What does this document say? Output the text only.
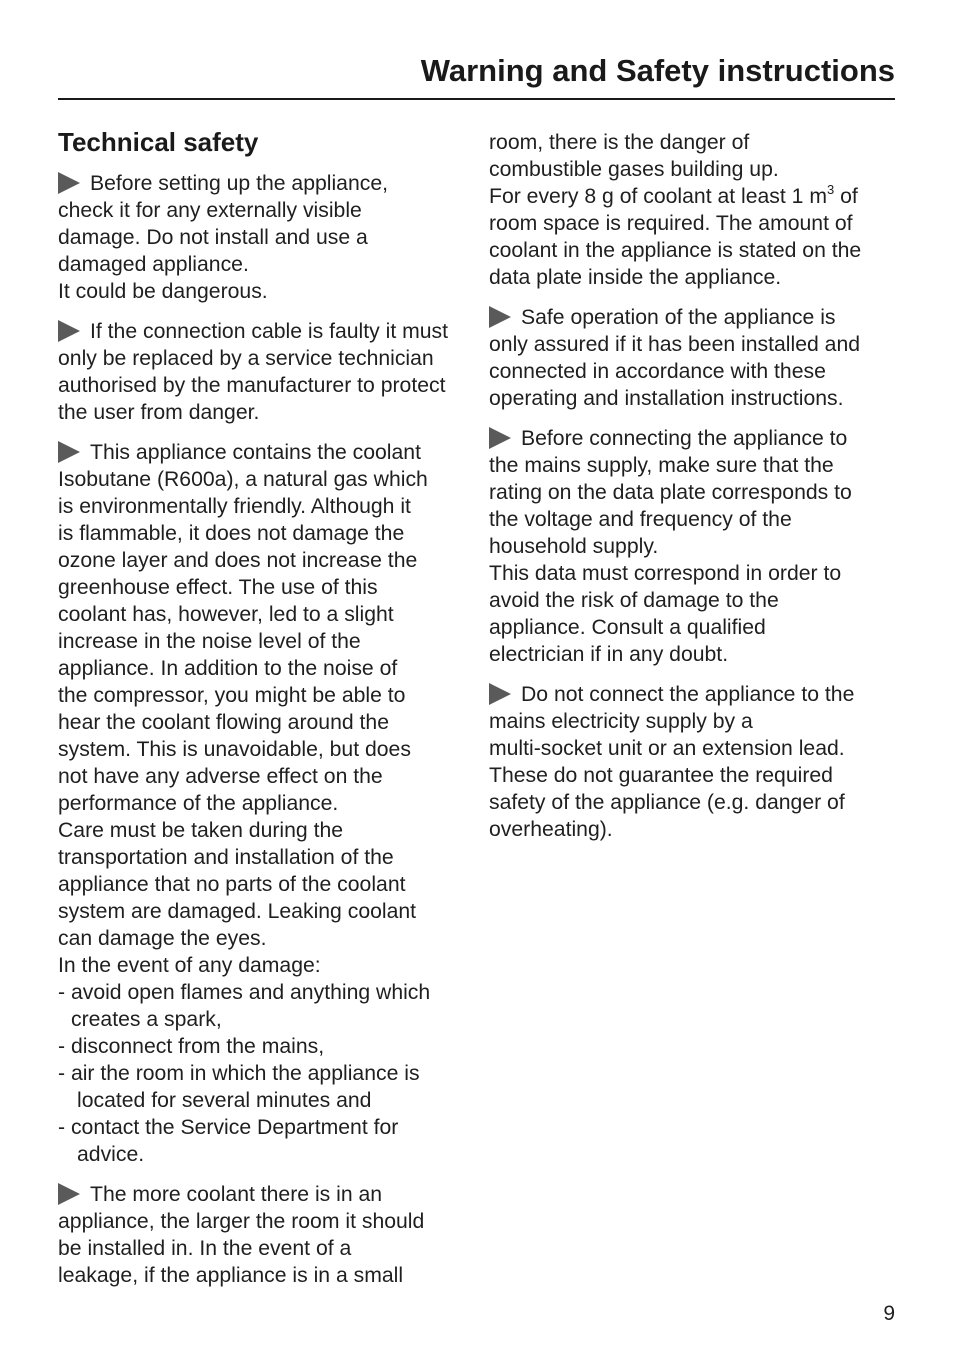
Warning and Safety instructions
Technical safety
Before setting up the appliance,
check it for any externally visible
damage. Do not install and use a
damaged appliance.
It could be dangerous.
If the connection cable is faulty it must
only be replaced by a service technician
authorised by the manufacturer to protect
the user from danger.
This appliance contains the coolant
Isobutane (R600a), a natural gas which
is environmentally friendly. Although it
is flammable, it does not damage the
ozone layer and does not increase the
greenhouse effect. The use of this
coolant has, however, led to a slight
increase in the noise level of the
appliance. In addition to the noise of
the compressor, you might be able to
hear the coolant flowing around the
system. This is unavoidable, but does
not have any adverse effect on the
performance of the appliance.
Care must be taken during the
transportation and installation of the
appliance that no parts of the coolant
system are damaged. Leaking coolant
can damage the eyes.
In the event of any damage:
- avoid open flames and anything which
creates a spark,
- disconnect from the mains,
- air the room in which the appliance is
located for several minutes and
- contact the Service Department for
advice.
The more coolant there is in an
appliance, the larger the room it should
be installed in. In the event of a
leakage, if the appliance is in a small
room, there is the danger of
combustible gases building up.
For every 8 g of coolant at least 1 $m^3$ of
room space is required. The amount of
coolant in the appliance is stated on the
data plate inside the appliance.
Safe operation of the appliance is
only assured if it has been installed and
connected in accordance with these
operating and installation instructions.
Before connecting the appliance to
the mains supply, make sure that the
rating on the data plate corresponds to
the voltage and frequency of the
household supply.
This data must correspond in order to
avoid the risk of damage to the
appliance. Consult a qualified
electrician if in any doubt.
Do not connect the appliance to the
mains electricity supply by a
multi-socket unit or an extension lead.
These do not guarantee the required
safety of the appliance (e.g. danger of
overheating).
9
